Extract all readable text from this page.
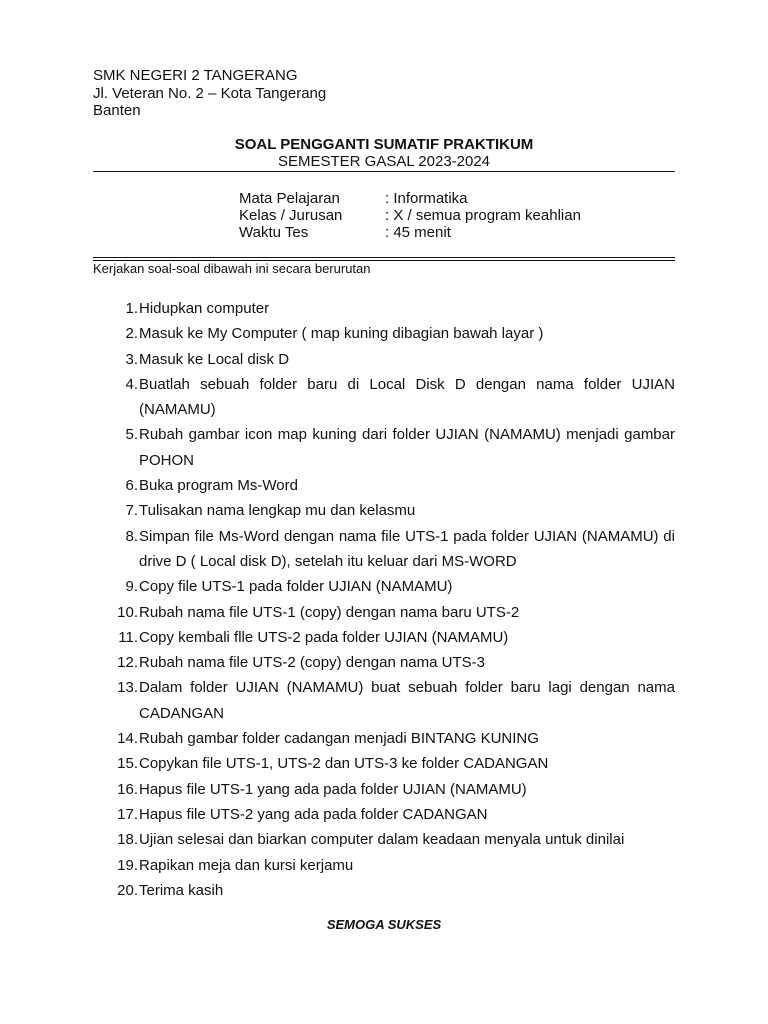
SMK NEGERI 2 TANGERANG
Jl. Veteran No. 2 – Kota Tangerang
Banten
SOAL PENGGANTI SUMATIF PRAKTIKUM
SEMESTER GASAL 2023-2024
Mata Pelajaran	: Informatika
Kelas / Jurusan	: X / semua program keahlian
Waktu Tes	: 45 menit
Kerjakan soal-soal dibawah ini secara berurutan
1. Hidupkan computer
2. Masuk ke My Computer ( map kuning dibagian bawah layar )
3. Masuk ke Local disk D
4. Buatlah sebuah folder baru di Local Disk D dengan nama folder UJIAN (NAMAMU)
5. Rubah gambar icon map kuning dari folder UJIAN (NAMAMU) menjadi gambar POHON
6. Buka program Ms-Word
7. Tulisakan nama lengkap mu dan kelasmu
8. Simpan file Ms-Word dengan nama file UTS-1 pada folder UJIAN (NAMAMU) di drive D ( Local disk D), setelah itu keluar dari MS-WORD
9. Copy file UTS-1 pada folder UJIAN (NAMAMU)
10. Rubah nama file UTS-1 (copy) dengan nama baru UTS-2
11. Copy kembali flle UTS-2 pada folder UJIAN (NAMAMU)
12. Rubah nama file UTS-2 (copy) dengan nama UTS-3
13. Dalam folder UJIAN (NAMAMU) buat sebuah folder baru lagi dengan nama CADANGAN
14. Rubah gambar folder cadangan menjadi BINTANG KUNING
15. Copykan file UTS-1, UTS-2 dan UTS-3 ke folder CADANGAN
16. Hapus file UTS-1 yang ada pada folder UJIAN (NAMAMU)
17. Hapus file UTS-2 yang ada pada folder CADANGAN
18. Ujian selesai dan biarkan computer dalam keadaan menyala untuk dinilai
19. Rapikan meja dan kursi kerjamu
20. Terima kasih
SEMOGA SUKSES
